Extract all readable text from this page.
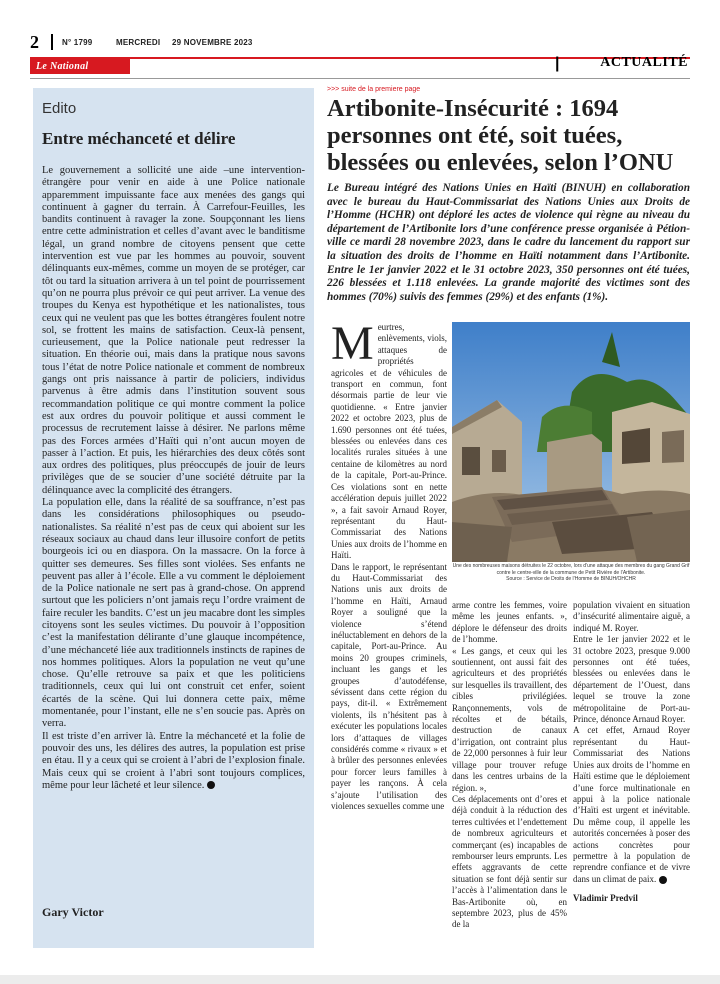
2	N° 1799	MERCREDI 29 NOVEMBRE 2023
Le National	|	ACTUALITÉ
Edito
Entre méchanceté et délire

Le gouvernement a sollicité une aide –une intervention- étrangère pour venir en aide à une Police nationale apparemment impuissante face aux menées des gangs qui continuent à gagner du terrain. À Carrefour-Feuilles, les bandits continuent à ravager la zone. Soupçonnant les liens entre cette administration et celles d’avant avec le banditisme légal, un grand nombre de citoyens pensent que cette intervention est vue par les hommes au pouvoir, souvent délinquants eux-mêmes, comme un moyen de se protéger, car tôt ou tard la situation arrivera à un tel point de pourrissement qu’on ne pourra plus prévoir ce qui peut arriver. La venue des troupes du Kenya est hypothétique et les nationalistes, tous ceux qui ne veulent pas que les bottes étrangères foulent notre sol, se frottent les mains de satisfaction. Ceux-là pensent, curieusement, que la Police nationale peut redresser la situation. En théorie oui, mais dans la pratique nous savons tous l’état de notre Police nationale et comment de nombreux gangs ont pris naissance à partir de policiers, individus parvenus à être admis dans l’institution souvent sous recommandation politique ce qui montre comment la police est aux ordres du pouvoir politique et aussi comment le processus de recrutement laisse à désirer. Ne parlons même pas des Forces armées d’Haïti qui n’ont aucun moyen de passer à l’action. Et puis, les hiérarchies des deux côtés sont aux ordres des politiques, plus préoccupés de jouir de leurs privilèges que de se soucier d’une société détruite par la délinquance avec la complicité des étrangers.

La population elle, dans la réalité de sa souffrance, n’est pas dans les considérations philosophiques ou pseudo-nationalistes. Sa réalité n’est pas de ceux qui aboient sur les réseaux sociaux au chaud dans leur illusoire confort de petits bourgeois ici ou en diaspora. On la massacre. On la force à quitter ses demeures. Ses filles sont violées. Ses enfants ne peuvent pas aller à l’école. Elle a vu comment le déploiement de la Police nationale ne sert pas à grand-chose. On apprend surtout que les policiers n’ont jamais reçu l’ordre vraiment de faire reculer les bandits. C’est un jeu macabre dont les simples citoyens sont les seules victimes. Du pouvoir à l’opposition c’est la manifestation délirante d’une glauque incompétence, d’une méchanceté liée aux traditionnels instincts de rapines de nos hommes politiques. Alors la population ne veut qu’une chose. Qu’elle retrouve sa paix et que les politiciens traditionnels, ceux qui lui ont construit cet enfer, soient écartés de la scène. Qui lui donnera cette paix, même momentanée, pour l’instant, elle ne s’en soucie pas. Après on verra.

Il est triste d’en arriver là. Entre la méchanceté et la folie de pouvoir des uns, les délires des autres, la population est prise en étau. Il y a ceux qui se croient à l’abri de l’explosion finale. Mais ceux qui se croient à l’abri sont toujours complices, même pour leur lâcheté et leur silence.

Gary Victor
>>> suite de la premiere page
Artibonite-Insécurité : 1694 personnes ont été, soit tuées, blessées ou enlevées, selon l’ONU
Le Bureau intégré des Nations Unies en Haïti (BINUH) en collaboration avec le bureau du Haut-Commissariat des Nations Unies aux Droits de l’Homme (HCHR) ont déploré les actes de violence qui règne au niveau du département de l’Artibonite lors d’une conférence presse organisée à Pétion-ville ce mardi 28 novembre 2023, dans le cadre du lancement du rapport sur la situation des droits de l’homme en Haïti notamment dans l’Artibonite. Entre le 1er janvier 2022 et le 31 octobre 2023, 350 personnes ont été tuées, 226 blessées et 1.118 enlevées. La grande majorité des victimes sont des hommes (70%) suivis des femmes (29%) et des enfants (1%).

Meurtres, enlèvements, viols, attaques de propriétés agricoles et de véhicules de transport en commun, font désormais partie de leur vie quotidienne. « Entre janvier 2022 et octobre 2023, plus de 1.690 personnes ont été tuées, blessées ou enlevées dans ces localités rurales situées à une centaine de kilomètres au nord de la capitale, Port-au-Prince. Ces violations sont en nette accélération depuis juillet 2022 », a fait savoir Arnaud Royer, représentant du Haut- Commissariat des Nations Unies aux droits de l’homme en Haïti.

Dans le rapport, le représentant du Haut-Commissariat des Nations unis aux droits de l’homme en Haïti, Arnaud Royer a souligné que la violence s’étend inéluctablement en dehors de la capitale, Port-au-Prince. Au moins 20 groupes criminels, incluant les gangs et les groupes d’autodéfense, sévissent dans cette région du pays, dit-il. « Extrêmement violents, ils n’hésitent pas à exécuter les populations locales lors d’attaques de villages considérés comme « rivaux » et à brûler des personnes enlevées pour forcer leurs familles à payer les rançons. À cela s’ajoute l’utilisation des violences sexuelles comme une

Une des nombreuses maisons détruites le 22 octobre, lors d’une attaque des membres du gang Grand Grif contre le centre-ville de la commune de Petit Rivière de l’Artibonite.
Source : Service de Droits de l’Homme de BINUH/OHCHR

arme contre les femmes, voire même les jeunes enfants. », déplore le défenseur des droits de l’homme.

« Les gangs, et ceux qui les soutiennent, ont aussi fait des agriculteurs et des propriétés sur lesquelles ils travaillent, des cibles privilégiées. Rançonnements, vols de récoltes et de bétails, destruction de canaux d’irrigation, ont contraint plus de 22,000 personnes à fuir leur village pour trouver refuge dans les centres urbains de la région. »,

Ces déplacements ont d’ores et déjà conduit à la réduction des terres cultivées et l’endettement de nombreux agriculteurs et commerçant (es) incapables de rembourser leurs emprunts. Les effets aggravants de cette situation se font déjà sentir sur l’accès à l’alimentation dans le Bas-Artibonite où, en septembre 2023, plus de 45% de la

population vivaient en situation d’insécurité alimentaire aiguë, a indiqué M. Royer.

Entre le 1er janvier 2022 et le 31 octobre 2023, presque 9.000 personnes ont été tuées, blessées ou enlevées dans le département de l’Ouest, dans lequel se trouve la zone métropolitaine de Port-au-Prince, dénonce Arnaud Royer.

A cet effet, Arnaud Royer représentant du Haut- Commissariat des Nations Unies aux droits de l’homme en Haïti estime que le déploiement d’une force multinationale en appui à la police nationale d’Haïti est urgent et inévitable. Du même coup, il appelle les autorités concernées à poser des actions concrètes pour permettre à la population de reprendre confiance et de vivre dans un climat de paix.

Vladimir Predvil
